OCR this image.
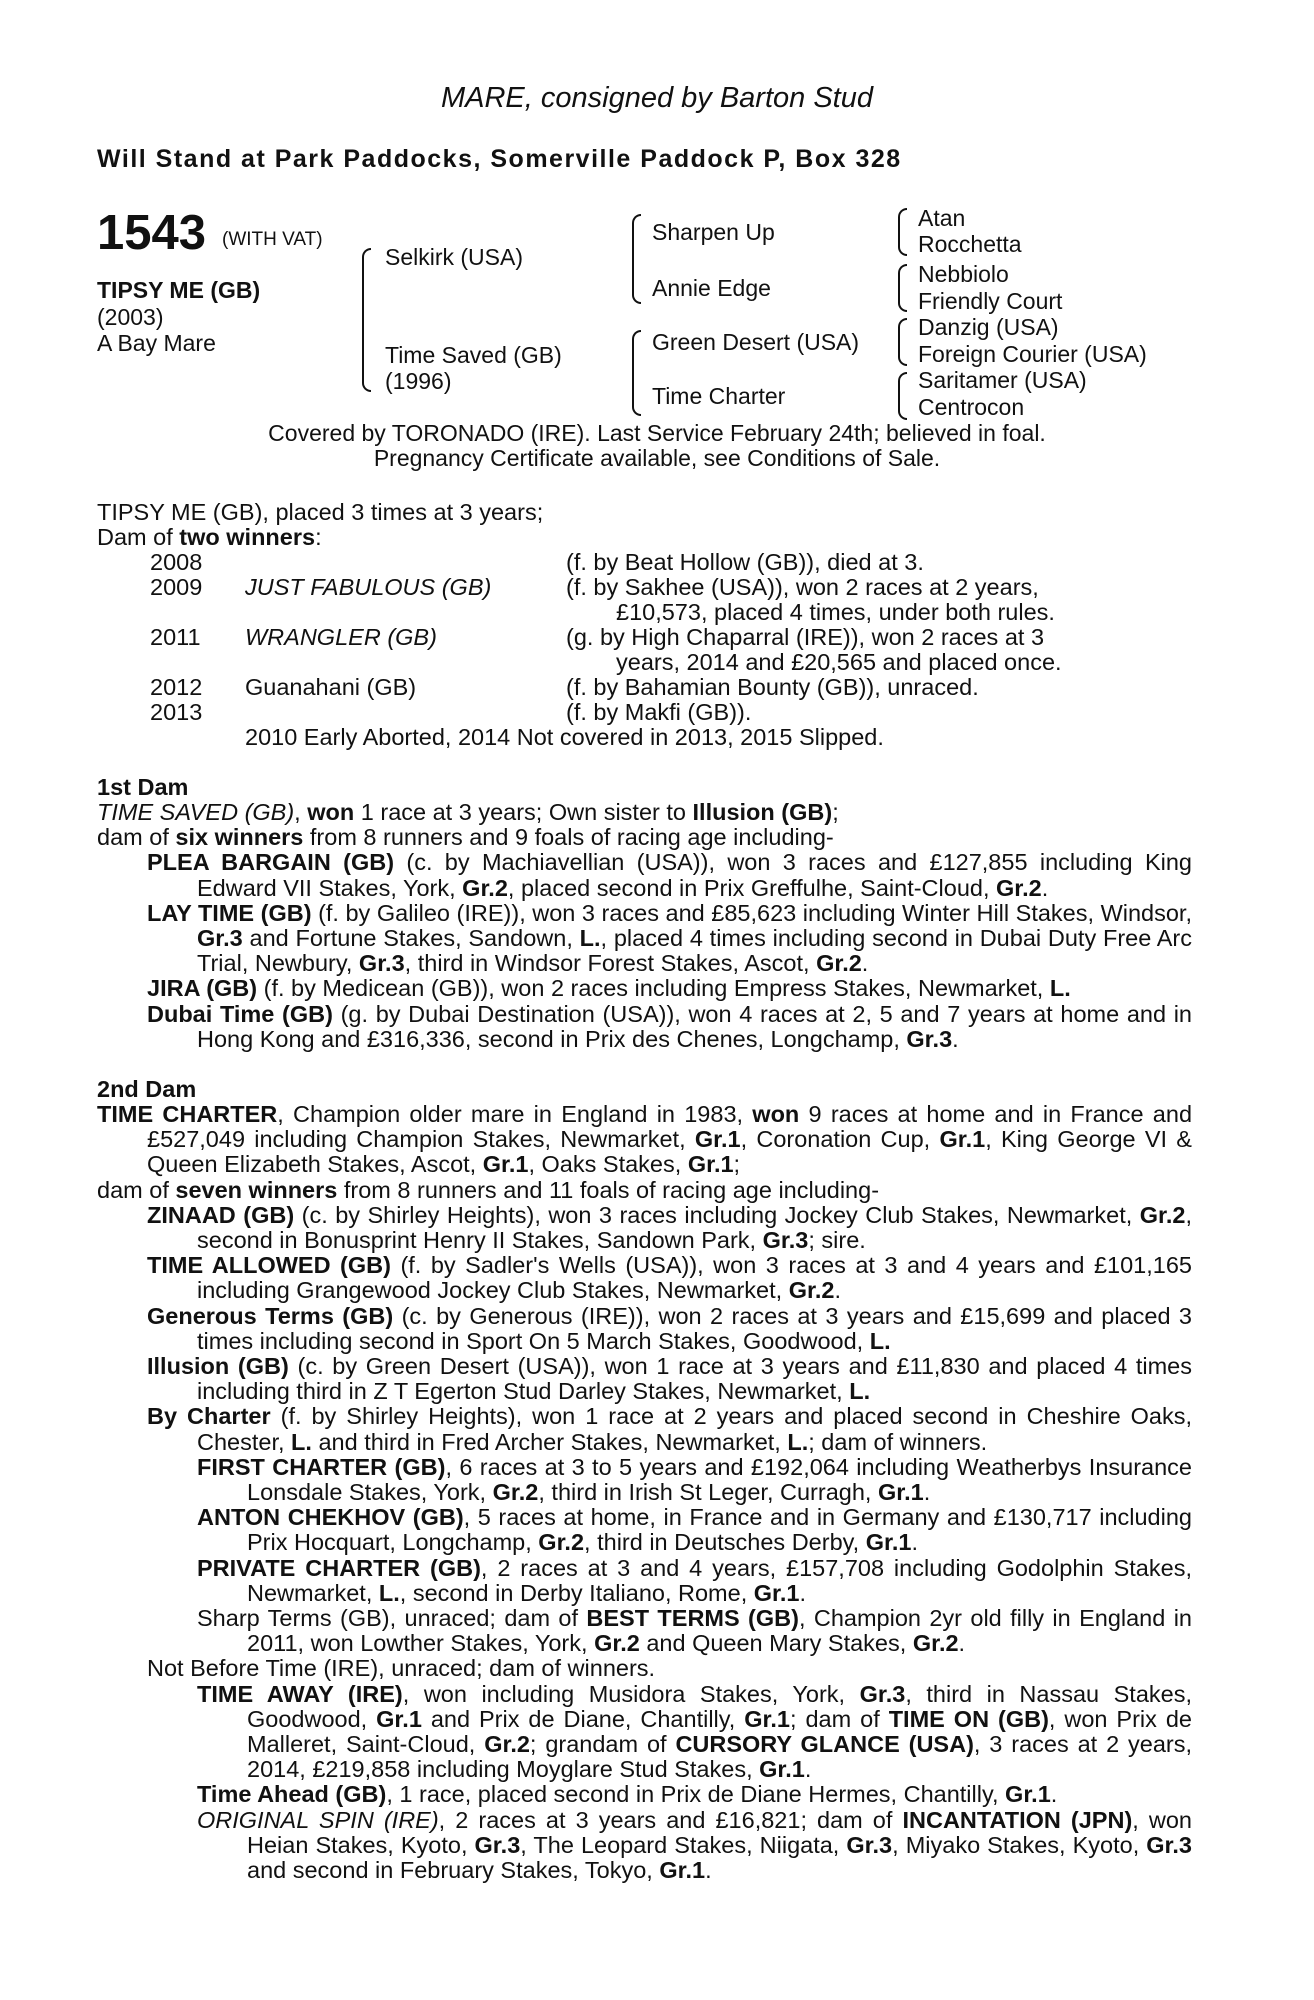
MARE, consigned by Barton Stud
Will Stand at Park Paddocks, Somerville Paddock P, Box 328
1543 (WITH VAT)
TIPSY ME (GB)
(2003)
A Bay Mare
Selkirk (USA)
Time Saved (GB)
(1996)
Sharpen Up
Annie Edge
Green Desert (USA)
Time Charter
Atan
Rocchetta
Nebbiolo
Friendly Court
Danzig (USA)
Foreign Courier (USA)
Saritamer (USA)
Centrocon
Covered by TORONADO (IRE). Last Service February 24th; believed in foal.
Pregnancy Certificate available, see Conditions of Sale.
TIPSY ME (GB), placed 3 times at 3 years;
Dam of two winners:
2008	(f. by Beat Hollow (GB)), died at 3.
2009 JUST FABULOUS (GB)	(f. by Sakhee (USA)), won 2 races at 2 years,
£10,573, placed 4 times, under both rules.
2011 WRANGLER (GB)	(g. by High Chaparral (IRE)), won 2 races at 3
years, 2014 and £20,565 and placed once.
2012 Guanahani (GB)	(f. by Bahamian Bounty (GB)), unraced.
2013	(f. by Makfi (GB)).
2010 Early Aborted, 2014 Not covered in 2013, 2015 Slipped.
1st Dam

TIME SAVED (GB), won 1 race at 3 years; Own sister to Illusion (GB);

dam of six winners from 8 runners and 9 foals of racing age including-

PLEA BARGAIN (GB) (c. by Machiavellian (USA)), won 3 races and £127,855 including King Edward VII Stakes, York, Gr.2, placed second in Prix Greffulhe, Saint-Cloud, Gr.2.

LAY TIME (GB) (f. by Galileo (IRE)), won 3 races and £85,623 including Winter Hill Stakes, Windsor, Gr.3 and Fortune Stakes, Sandown, L., placed 4 times including second in Dubai Duty Free Arc Trial, Newbury, Gr.3, third in Windsor Forest Stakes, Ascot, Gr.2.

JIRA (GB) (f. by Medicean (GB)), won 2 races including Empress Stakes, Newmarket, L.

Dubai Time (GB) (g. by Dubai Destination (USA)), won 4 races at 2, 5 and 7 years at home and in Hong Kong and £316,336, second in Prix des Chenes, Longchamp, Gr.3.

2nd Dam

TIME CHARTER, Champion older mare in England in 1983, won 9 races at home and in France and £527,049 including Champion Stakes, Newmarket, Gr.1, Coronation Cup, Gr.1, King George VI & Queen Elizabeth Stakes, Ascot, Gr.1, Oaks Stakes, Gr.1;

dam of seven winners from 8 runners and 11 foals of racing age including-

ZINAAD (GB) (c. by Shirley Heights), won 3 races including Jockey Club Stakes, Newmarket, Gr.2, second in Bonusprint Henry II Stakes, Sandown Park, Gr.3; sire.

TIME ALLOWED (GB) (f. by Sadler's Wells (USA)), won 3 races at 3 and 4 years and £101,165 including Grangewood Jockey Club Stakes, Newmarket, Gr.2.

Generous Terms (GB) (c. by Generous (IRE)), won 2 races at 3 years and £15,699 and placed 3 times including second in Sport On 5 March Stakes, Goodwood, L.

Illusion (GB) (c. by Green Desert (USA)), won 1 race at 3 years and £11,830 and placed 4 times including third in Z T Egerton Stud Darley Stakes, Newmarket, L.

By Charter (f. by Shirley Heights), won 1 race at 2 years and placed second in Cheshire Oaks, Chester, L. and third in Fred Archer Stakes, Newmarket, L.; dam of winners.

FIRST CHARTER (GB), 6 races at 3 to 5 years and £192,064 including Weatherbys Insurance Lonsdale Stakes, York, Gr.2, third in Irish St Leger, Curragh, Gr.1.

ANTON CHEKHOV (GB), 5 races at home, in France and in Germany and £130,717 including Prix Hocquart, Longchamp, Gr.2, third in Deutsches Derby, Gr.1.

PRIVATE CHARTER (GB), 2 races at 3 and 4 years, £157,708 including Godolphin Stakes, Newmarket, L., second in Derby Italiano, Rome, Gr.1.

Sharp Terms (GB), unraced; dam of BEST TERMS (GB), Champion 2yr old filly in England in 2011, won Lowther Stakes, York, Gr.2 and Queen Mary Stakes, Gr.2.

Not Before Time (IRE), unraced; dam of winners.

TIME AWAY (IRE), won including Musidora Stakes, York, Gr.3, third in Nassau Stakes, Goodwood, Gr.1 and Prix de Diane, Chantilly, Gr.1; dam of TIME ON (GB), won Prix de Malleret, Saint-Cloud, Gr.2; grandam of CURSORY GLANCE (USA), 3 races at 2 years, 2014, £219,858 including Moyglare Stud Stakes, Gr.1.

Time Ahead (GB), 1 race, placed second in Prix de Diane Hermes, Chantilly, Gr.1.

ORIGINAL SPIN (IRE), 2 races at 3 years and £16,821; dam of INCANTATION (JPN), won Heian Stakes, Kyoto, Gr.3, The Leopard Stakes, Niigata, Gr.3, Miyako Stakes, Kyoto, Gr.3 and second in February Stakes, Tokyo, Gr.1.
